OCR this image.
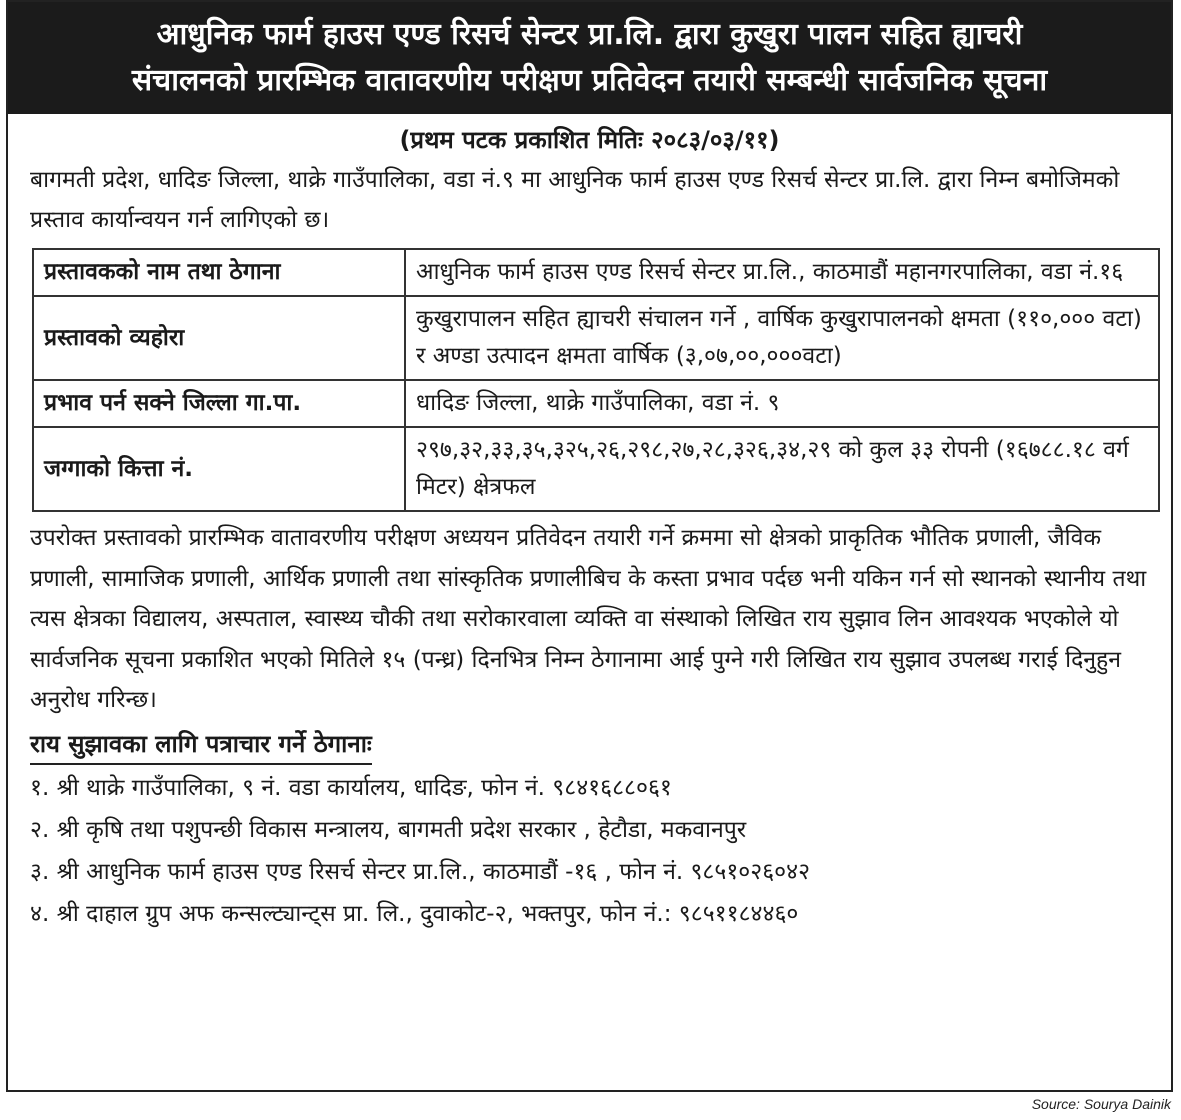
आधुनिक फार्म हाउस एण्ड रिसर्च सेन्टर प्रा.लि. द्वारा कुखुरा पालन सहित ह्याचरी
संचालनको प्रारम्भिक वातावरणीय परीक्षण प्रतिवेदन तयारी सम्बन्धी सार्वजनिक सूचना
(प्रथम पटक प्रकाशित मितिः २०८३/०३/११)
बागमती प्रदेश, धादिङ जिल्ला, थाक्रे गाउँपालिका, वडा नं.९ मा आधुनिक फार्म हाउस एण्ड रिसर्च सेन्टर प्रा.लि. द्वारा निम्न बमोजिमको प्रस्ताव कार्यान्वयन गर्न लागिएको छ।
प्रस्तावकको नाम तथा ठेगाना	आधुनिक फार्म हाउस एण्ड रिसर्च सेन्टर प्रा.लि., काठमाडौं महानगरपालिका, वडा नं.१६
प्रस्तावको व्यहोरा	कुखुरापालन सहित ह्याचरी संचालन गर्ने , वार्षिक कुखुरापालनको क्षमता (११०,००० वटा) र अण्डा उत्पादन क्षमता वार्षिक (३,०७,००,०००वटा)
प्रभाव पर्न सक्ने जिल्ला गा.पा.	धादिङ जिल्ला, थाक्रे गाउँपालिका, वडा नं. ९
जग्गाको कित्ता नं.	२९७,३२,३३,३५,३२५,२६,२९८,२७,२८,३२६,३४,२९ को कुल ३३ रोपनी (१६७८८.१८ वर्ग मिटर) क्षेत्रफल
उपरोक्त प्रस्तावको प्रारम्भिक वातावरणीय परीक्षण अध्ययन प्रतिवेदन तयारी गर्ने क्रममा सो क्षेत्रको प्राकृतिक भौतिक प्रणाली, जैविक प्रणाली, सामाजिक प्रणाली, आर्थिक प्रणाली तथा सांस्कृतिक प्रणालीबिच के कस्ता प्रभाव पर्दछ भनी यकिन गर्न सो स्थानको स्थानीय तथा त्यस क्षेत्रका विद्यालय, अस्पताल, स्वास्थ्य चौकी तथा सरोकारवाला व्यक्ति वा संस्थाको लिखित राय सुझाव लिन आवश्यक भएकोले यो सार्वजनिक सूचना प्रकाशित भएको मितिले १५ (पन्ध्र) दिनभित्र निम्न ठेगानामा आई पुग्ने गरी लिखित राय सुझाव उपलब्ध गराई दिनुहुन अनुरोध गरिन्छ।
राय सुझावका लागि पत्राचार गर्ने ठेगानाः
१. श्री थाक्रे गाउँपालिका, ९ नं. वडा कार्यालय, धादिङ, फोन नं. ९८४१६८८०६१
२. श्री कृषि तथा पशुपन्छी विकास मन्त्रालय, बागमती प्रदेश सरकार , हेटौडा, मकवानपुर
३. श्री आधुनिक फार्म हाउस एण्ड रिसर्च सेन्टर प्रा.लि., काठमाडौं -१६ , फोन नं. ९८५१०२६०४२
४. श्री दाहाल ग्रुप अफ कन्सल्ट्यान्ट्स प्रा. लि., दुवाकोट-२, भक्तपुर, फोन नं.: ९८५११८४४६०
Source: Sourya Dainik
